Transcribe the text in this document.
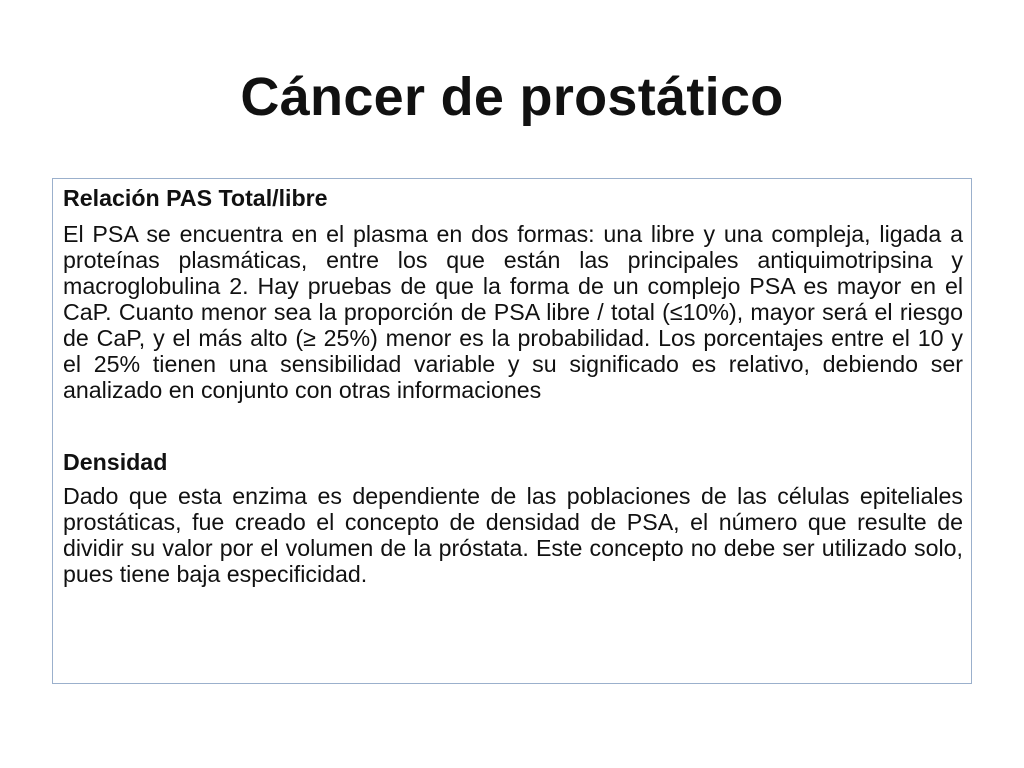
Cáncer de prostático
Relación PAS Total/libre

El PSA se encuentra en el plasma en dos formas: una libre y una compleja, ligada a proteínas plasmáticas, entre los que están las principales antiquimotripsina y macroglobulina 2. Hay pruebas de que la forma de un complejo PSA es mayor en el CaP. Cuanto menor sea la proporción de PSA libre / total (≤10%), mayor será el riesgo de CaP, y el más alto (≥ 25%) menor es la probabilidad. Los porcentajes entre el 10 y el 25% tienen una sensibilidad variable y su significado es relativo, debiendo ser analizado en conjunto con otras informaciones

Densidad

Dado que esta enzima es dependiente de las poblaciones de las células epiteliales prostáticas, fue creado el concepto de densidad de PSA, el número que resulte de dividir su valor por el volumen de la próstata. Este concepto no debe ser utilizado solo, pues tiene baja especificidad.
